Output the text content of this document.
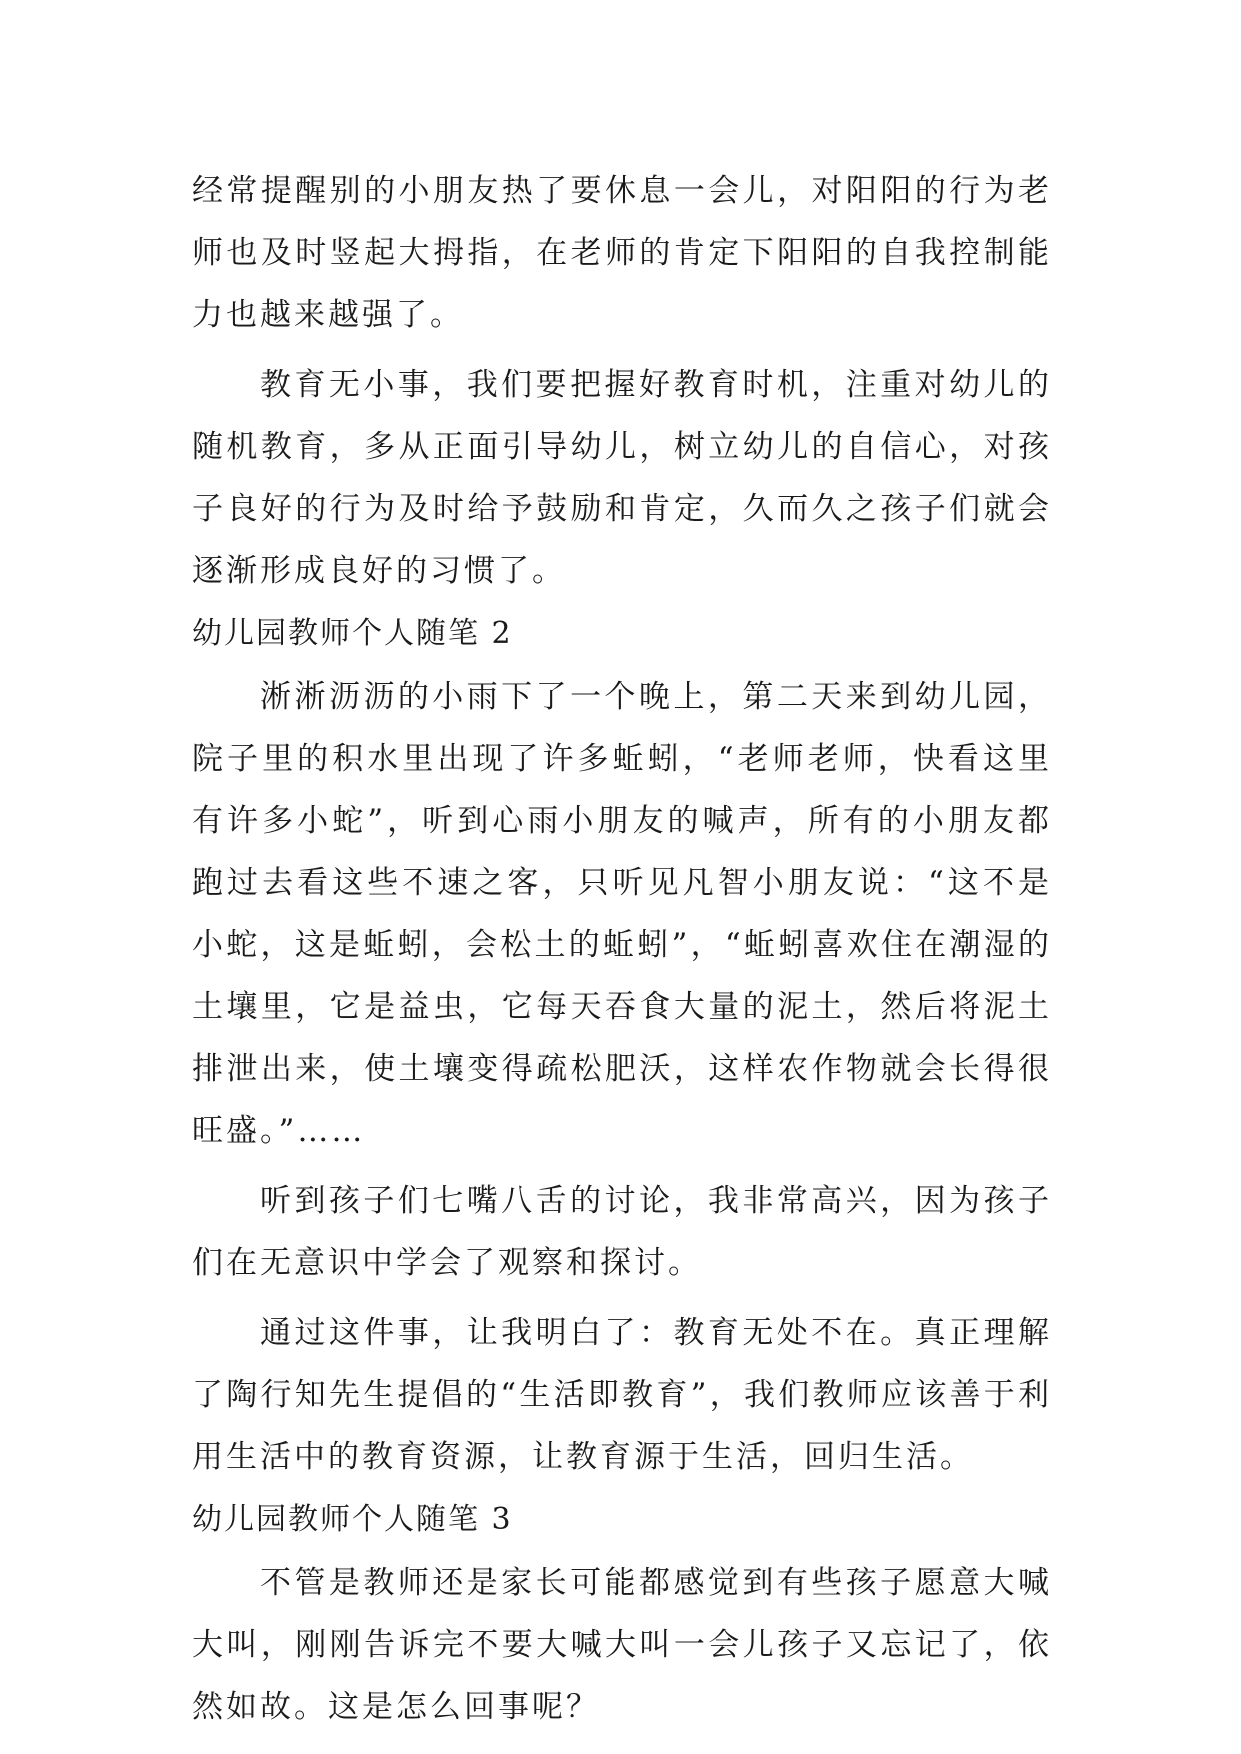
经常提醒别的小朋友热了要休息一会儿，对阳阳的行为老师也及时竖起大拇指，在老师的肯定下阳阳的自我控制能力也越来越强了。

教育无小事，我们要把握好教育时机，注重对幼儿的随机教育，多从正面引导幼儿，树立幼儿的自信心，对孩子良好的行为及时给予鼓励和肯定，久而久之孩子们就会逐渐形成良好的习惯了。

幼儿园教师个人随笔 2

淅淅沥沥的小雨下了一个晚上，第二天来到幼儿园，院子里的积水里出现了许多蚯蚓，“老师老师，快看这里有许多小蛇”，听到心雨小朋友的喊声，所有的小朋友都跑过去看这些不速之客，只听见凡智小朋友说：“这不是小蛇，这是蚯蚓，会松土的蚯蚓”，“蚯蚓喜欢住在潮湿的土壤里，它是益虫，它每天吞食大量的泥土，然后将泥土排泄出来，使土壤变得疏松肥沃，这样农作物就会长得很旺盛。”……

听到孩子们七嘴八舌的讨论，我非常高兴，因为孩子们在无意识中学会了观察和探讨。

通过这件事，让我明白了：教育无处不在。真正理解了陶行知先生提倡的“生活即教育”，我们教师应该善于利用生活中的教育资源，让教育源于生活，回归生活。

幼儿园教师个人随笔 3

不管是教师还是家长可能都感觉到有些孩子愿意大喊大叫，刚刚告诉完不要大喊大叫一会儿孩子又忘记了，依然如故。这是怎么回事呢？
